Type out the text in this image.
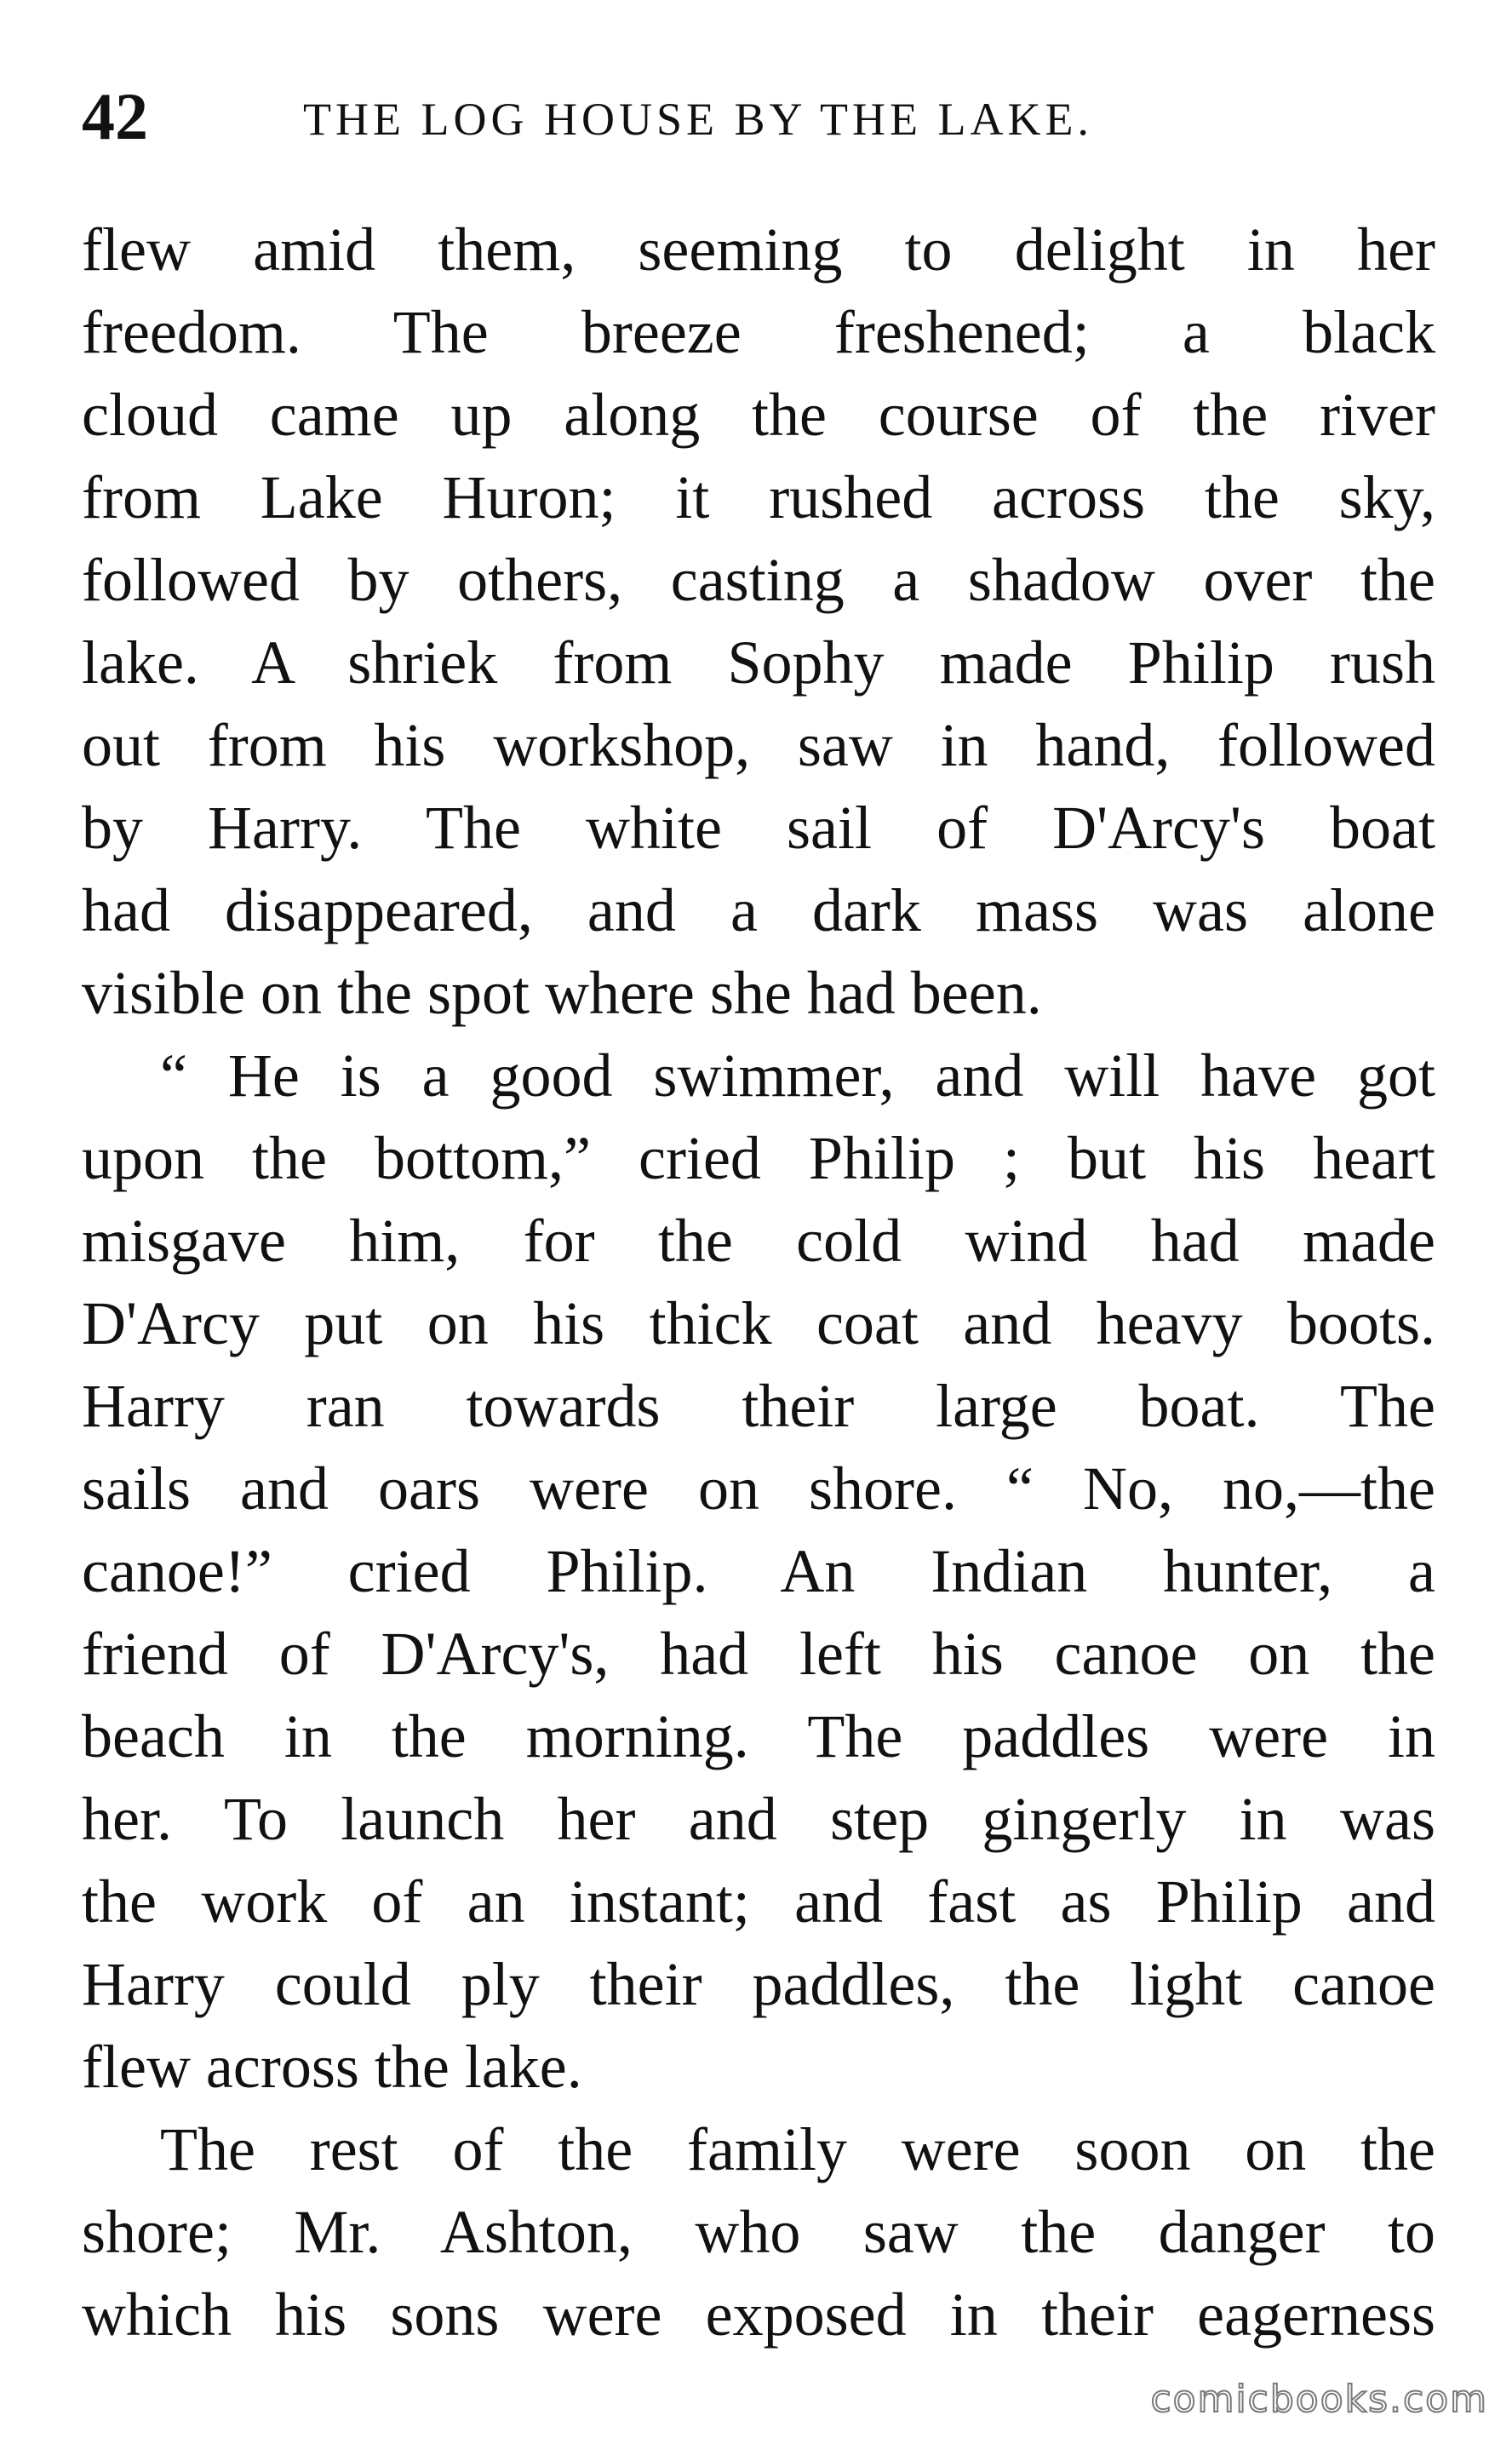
42	THE LOG HOUSE BY THE LAKE.
flew amid them, seeming to delight in her
freedom. The breeze freshened; a black
cloud came up along the course of the river
from Lake Huron; it rushed across the sky,
followed by others, casting a shadow over the
lake. A shriek from Sophy made Philip rush
out from his workshop, saw in hand, followed
by Harry. The white sail of D'Arcy's boat
had disappeared, and a dark mass was alone
visible on the spot where she had been.
“ He is a good swimmer, and will have got
upon the bottom,” cried Philip ; but his heart
misgave him, for the cold wind had made
D'Arcy put on his thick coat and heavy boots.
Harry ran towards their large boat. The
sails and oars were on shore. “ No, no,—the
canoe!” cried Philip. An Indian hunter, a
friend of D'Arcy's, had left his canoe on the
beach in the morning. The paddles were in
her. To launch her and step gingerly in was
the work of an instant; and fast as Philip and
Harry could ply their paddles, the light canoe
flew across the lake.
The rest of the family were soon on the
shore; Mr. Ashton, who saw the danger to
which his sons were exposed in their eagerness
comicbooks.com
